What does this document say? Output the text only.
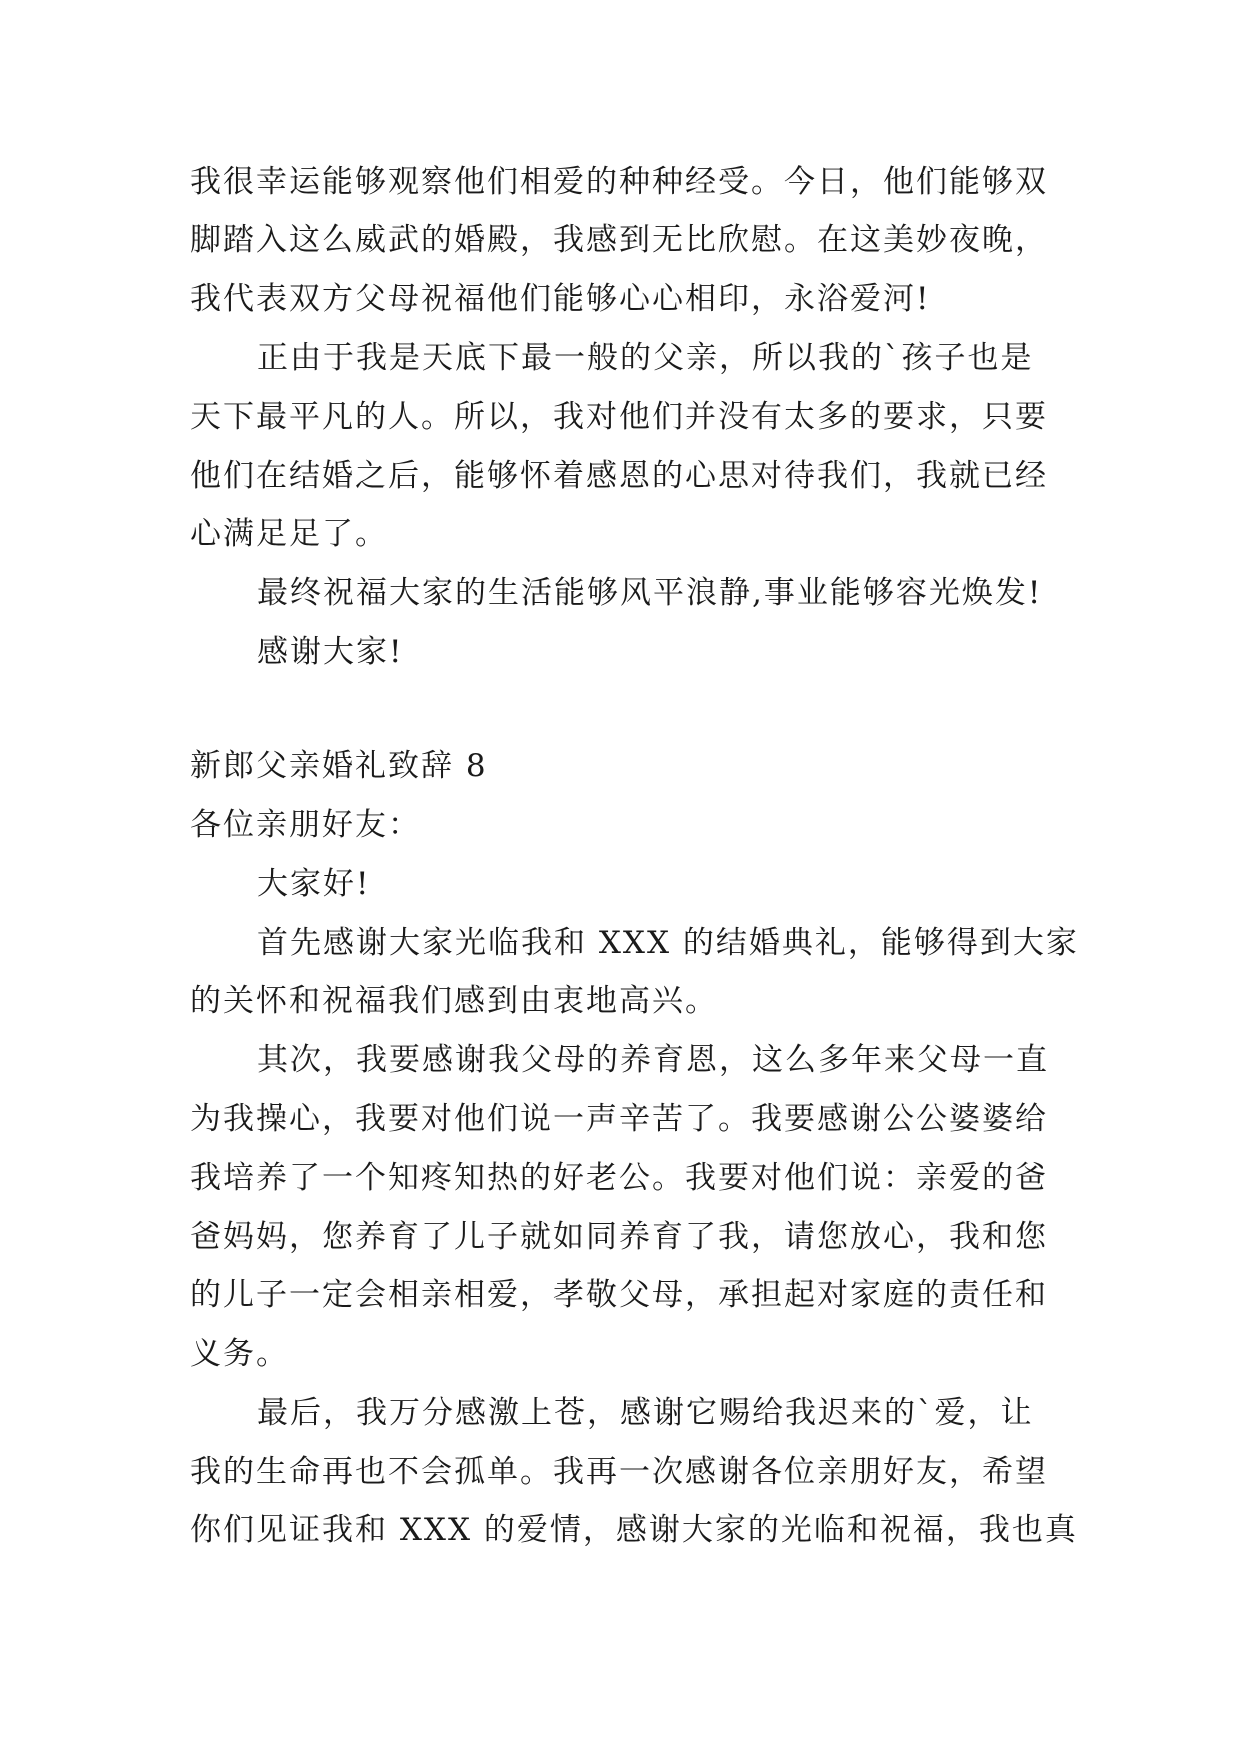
我很幸运能够观察他们相爱的种种经受。今日，他们能够双
脚踏入这么威武的婚殿，我感到无比欣慰。在这美妙夜晚，
我代表双方父母祝福他们能够心心相印，永浴爱河!
正由于我是天底下最一般的父亲，所以我的`孩子也是
天下最平凡的人。所以，我对他们并没有太多的要求，只要
他们在结婚之后，能够怀着感恩的心思对待我们，我就已经
心满足足了。
最终祝福大家的生活能够风平浪静,事业能够容光焕发!
感谢大家!
新郎父亲婚礼致辞 8
各位亲朋好友：
大家好!
首先感谢大家光临我和 XXX 的结婚典礼，能够得到大家
的关怀和祝福我们感到由衷地高兴。
其次，我要感谢我父母的养育恩，这么多年来父母一直
为我操心，我要对他们说一声辛苦了。我要感谢公公婆婆给
我培养了一个知疼知热的好老公。我要对他们说：亲爱的爸
爸妈妈，您养育了儿子就如同养育了我，请您放心，我和您
的儿子一定会相亲相爱，孝敬父母，承担起对家庭的责任和
义务。
最后，我万分感激上苍，感谢它赐给我迟来的`爱，让
我的生命再也不会孤单。我再一次感谢各位亲朋好友，希望
你们见证我和 XXX 的爱情，感谢大家的光临和祝福，我也真
